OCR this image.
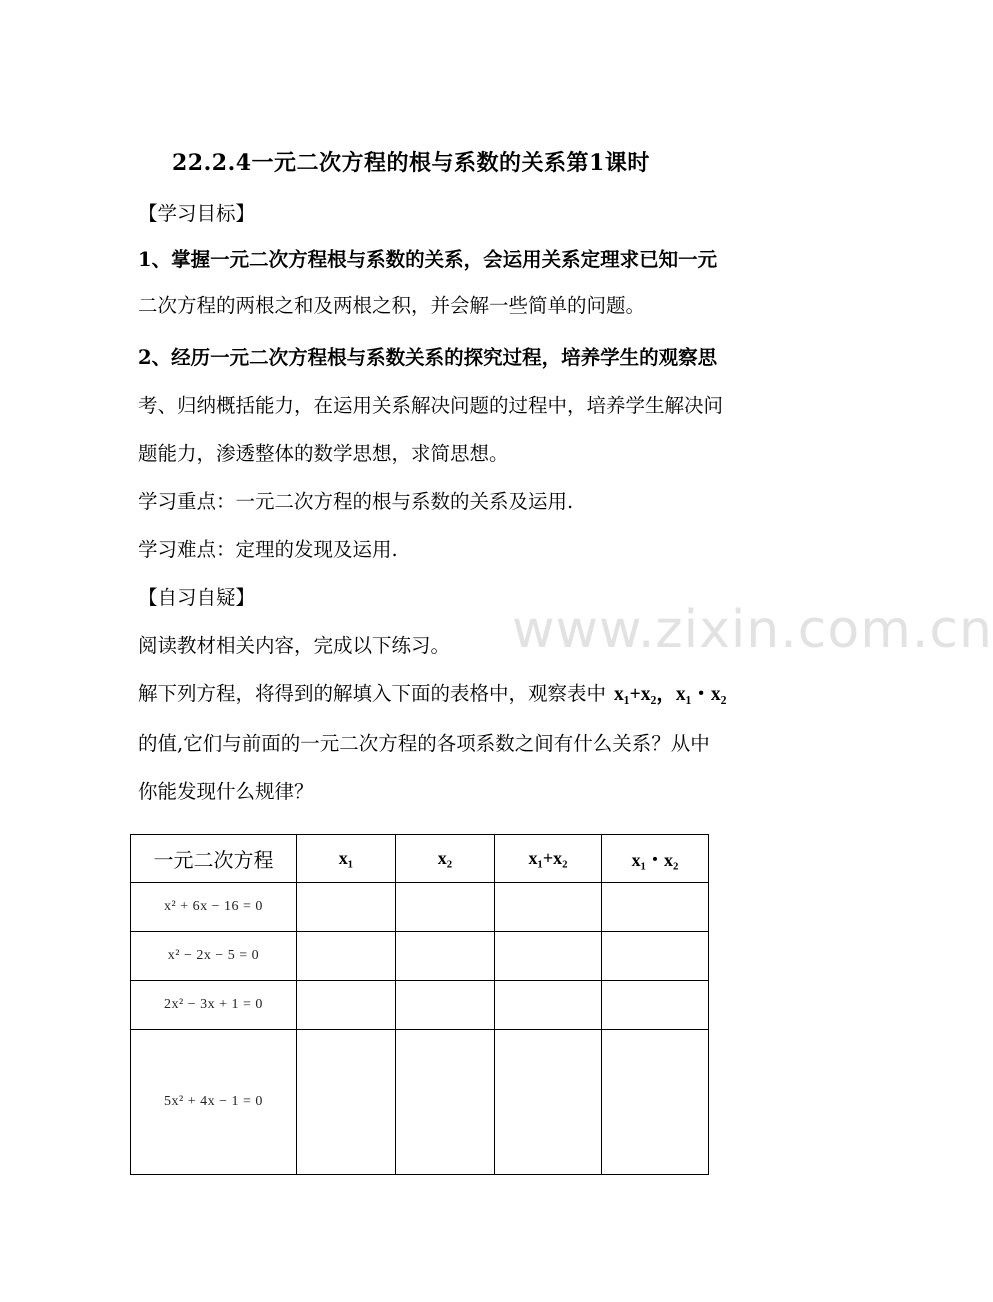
22.2.4一元二次方程的根与系数的关系第1课时
【学习目标】
1、掌握一元二次方程根与系数的关系，会运用关系定理求已知一元
二次方程的两根之和及两根之积，并会解一些简单的问题。
2、经历一元二次方程根与系数关系的探究过程，培养学生的观察思
考、归纳概括能力，在运用关系解决问题的过程中，培养学生解决问
题能力，渗透整体的数学思想，求简思想。
学习重点：一元二次方程的根与系数的关系及运用.
学习难点：定理的发现及运用.
【自习自疑】
阅读教材相关内容，完成以下练习。
解下列方程，将得到的解填入下面的表格中，观察表中 x₁+x₂，x₁・x₂
的值,它们与前面的一元二次方程的各项系数之间有什么关系？从中
你能发现什么规律？
www.zixin.com.cn
一元二次方程	x₁	x₂	x₁+x₂	x₁・x₂
x² + 6x − 16 = 0				
x² − 2x − 5 = 0				
2x² − 3x + 1 = 0				
5x² + 4x − 1 = 0				
